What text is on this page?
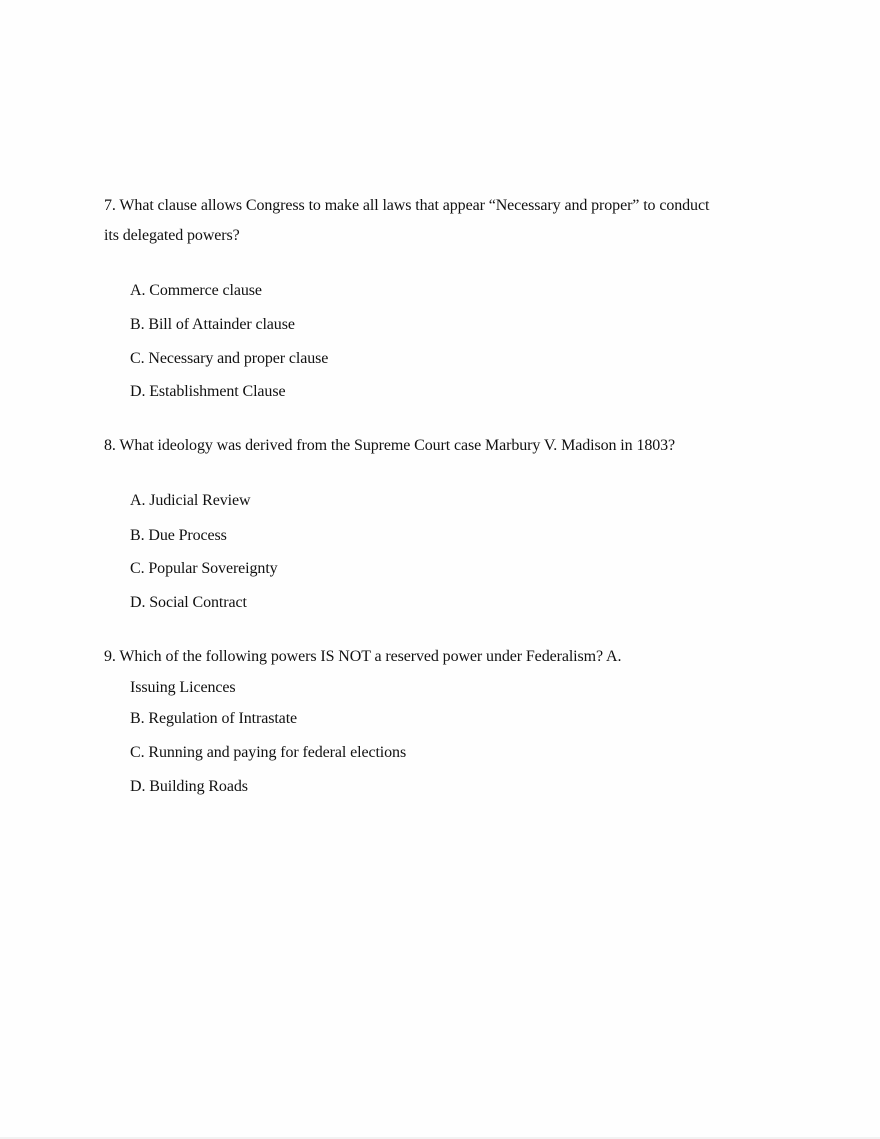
7. What clause allows Congress to make all laws that appear “Necessary and proper” to conduct
its delegated powers?
A. Commerce clause
B. Bill of Attainder clause
C. Necessary and proper clause
D. Establishment Clause
8. What ideology was derived from the Supreme Court case Marbury V. Madison in 1803?
A. Judicial Review
B. Due Process
C. Popular Sovereignty
D. Social Contract
9. Which of the following powers IS NOT a reserved power under Federalism? A.
Issuing Licences
B. Regulation of Intrastate
C. Running and paying for federal elections
D. Building Roads
